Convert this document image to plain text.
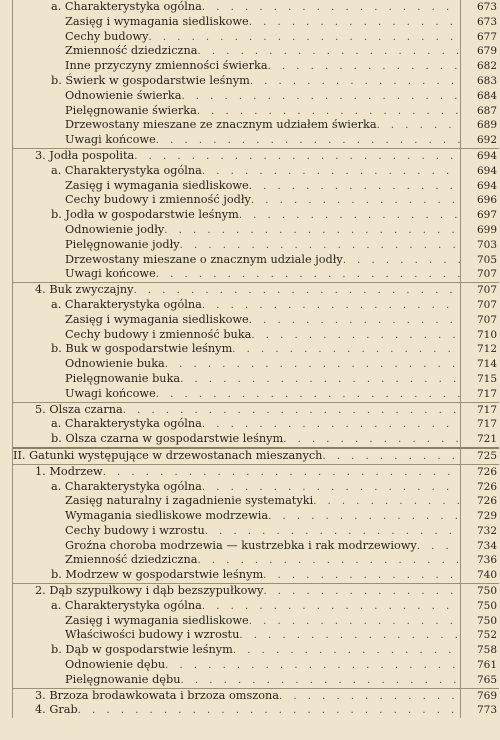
a. Charakterystyka ogólna . . .	673
Zasięg i wymagania siedliskowe . . .	673
Cechy budowy . . .	677
Zmienność dziedziczna . . .	679
Inne przyczyny zmienności świerka . . .	682
b. Świerk w gospodarstwie leśnym . . .	683
Odnowienie świerka . . .	684
Pielęgnowanie świerka . . .	687
Drzewostany mieszane ze znacznym udziałem świerka . . .	689
Uwagi końcowe . . .	692
3. Jodła pospolita . . .	694
a. Charakterystyka ogólna . . .	694
Zasięg i wymagania siedliskowe . . .	694
Cechy budowy i zmienność jodły . . .	696
b. Jodła w gospodarstwie leśnym . . .	697
Odnowienie jodły . . .	699
Pielęgnowanie jodły . . .	703
Drzewostany mieszane o znacznym udziale jodły . . .	705
Uwagi końcowe . . .	707
4. Buk zwyczajny . . .	707
a. Charakterystyka ogólna . . .	707
Zasięg i wymagania siedliskowe . . .	707
Cechy budowy i zmienność buka . . .	710
b. Buk w gospodarstwie leśnym . . .	712
Odnowienie buka . . .	714
Pielęgnowanie buka . . .	715
Uwagi końcowe . . .	717
5. Olsza czarna . . .	717
a. Charakterystyka ogólna . . .	717
b. Olsza czarna w gospodarstwie leśnym . . .	721
II. Gatunki występujące w drzewostanach mieszanych . . .	725
1. Modrzew . . .	726
a. Charakterystyka ogólna . . .	726
Zasięg naturalny i zagadnienie systematyki . . .	726
Wymagania siedliskowe modrzewia . . .	729
Cechy budowy i wzrostu . . .	732
Groźna choroba modrzewia — kustrzebka i rak modrzewiowy . . .	734
Zmienność dziedziczna . . .	736
b. Modrzew w gospodarstwie leśnym . . .	740
2. Dąb szypułkowy i dąb bezszypułkowy . . .	750
a. Charakterystyka ogólna . . .	750
Zasięg i wymagania siedliskowe . . .	750
Właściwości budowy i wzrostu . . .	752
b. Dąb w gospodarstwie leśnym . . .	758
Odnowienie dębu . . .	761
Pielęgnowanie dębu . . .	765
3. Brzoza brodawkowata i brzoza omszona . . .	769
4. Grab . . .	773
